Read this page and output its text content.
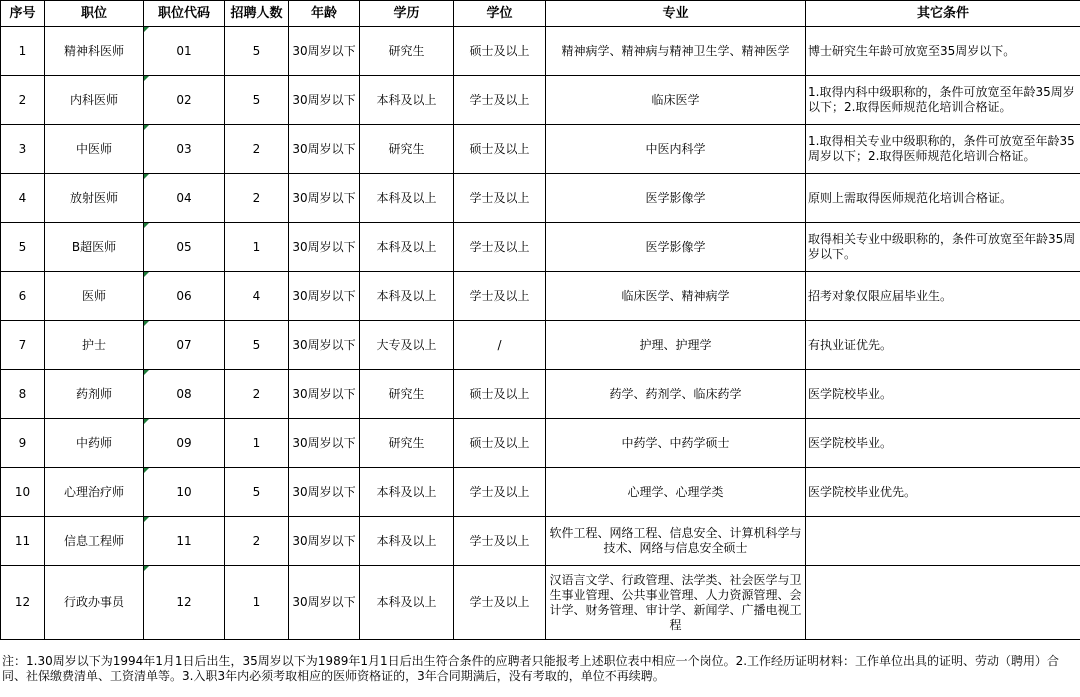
序号	职位	职位代码	招聘人数	年龄	学历	学位	专业	其它条件
1	精神科医师	01	5	30周岁以下	研究生	硕士及以上	精神病学、精神病与精神卫生学、精神医学	博士研究生年龄可放宽至35周岁以下。
2	内科医师	02	5	30周岁以下	本科及以上	学士及以上	临床医学	1.取得内科中级职称的，条件可放宽至年龄35周岁以下；2.取得医师规范化培训合格证。
3	中医师	03	2	30周岁以下	研究生	硕士及以上	中医内科学	1.取得相关专业中级职称的，条件可放宽至年龄35周岁以下；2.取得医师规范化培训合格证。
4	放射医师	04	2	30周岁以下	本科及以上	学士及以上	医学影像学	原则上需取得医师规范化培训合格证。
5	B超医师	05	1	30周岁以下	本科及以上	学士及以上	医学影像学	取得相关专业中级职称的，条件可放宽至年龄35周岁以下。
6	医师	06	4	30周岁以下	本科及以上	学士及以上	临床医学、精神病学	招考对象仅限应届毕业生。
7	护士	07	5	30周岁以下	大专及以上	/	护理、护理学	有执业证优先。
8	药剂师	08	2	30周岁以下	研究生	硕士及以上	药学、药剂学、临床药学	医学院校毕业。
9	中药师	09	1	30周岁以下	研究生	硕士及以上	中药学、中药学硕士	医学院校毕业。
10	心理治疗师	10	5	30周岁以下	本科及以上	学士及以上	心理学、心理学类	医学院校毕业优先。
11	信息工程师	11	2	30周岁以下	本科及以上	学士及以上	软件工程、网络工程、信息安全、计算机科学与技术、网络与信息安全硕士	
12	行政办事员	12	1	30周岁以下	本科及以上	学士及以上	汉语言文学、行政管理、法学类、社会医学与卫生事业管理、公共事业管理、人力资源管理、会计学、财务管理、审计学、新闻学、广播电视工程	
注：1.30周岁以下为1994年1月1日后出生，35周岁以下为1989年1月1日后出生符合条件的应聘者只能报考上述职位表中相应一个岗位。2.工作经历证明材料：工作单位出具的证明、劳动（聘用）合同、社保缴费清单、工资清单等。3.入职3年内必须考取相应的医师资格证的，3年合同期满后，没有考取的，单位不再续聘。
